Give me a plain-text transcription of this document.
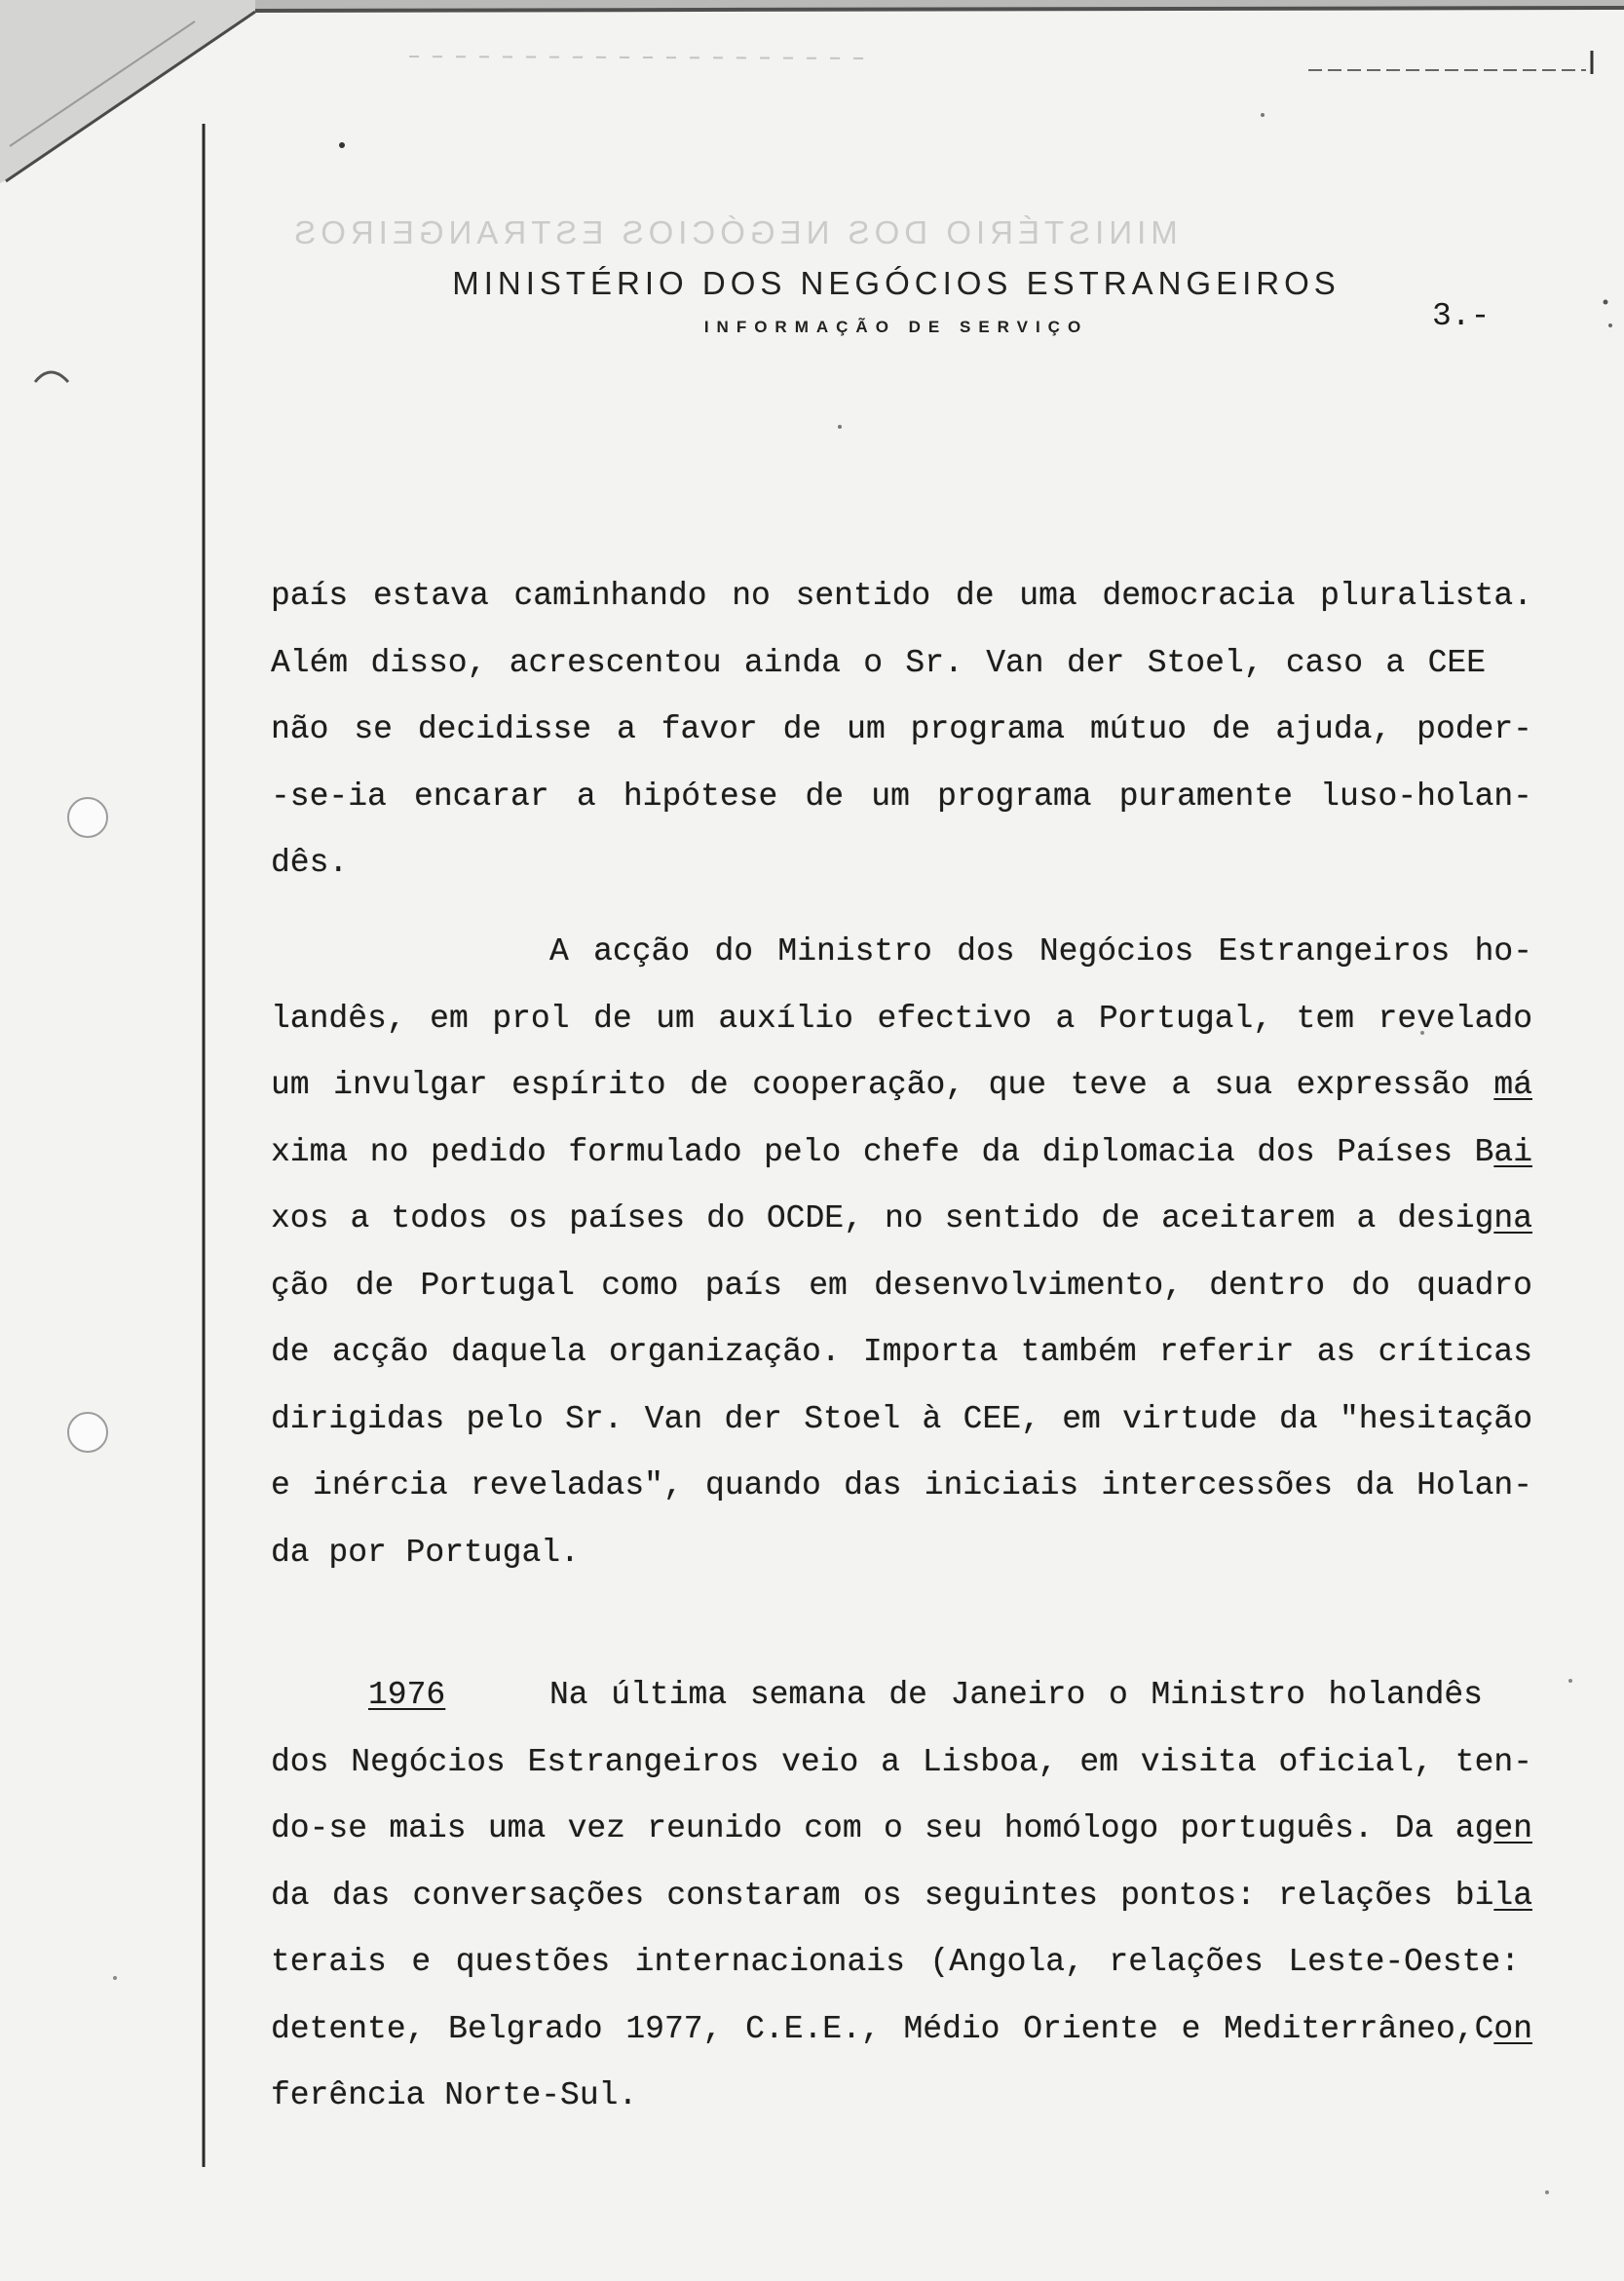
MINISTÉRIO DOS NEGÓCIOS ESTRANGEIROS
MINISTÉRIO DOS NEGÓCIOS ESTRANGEIROS
INFORMAÇÃO DE SERVIÇO	3.-
país estava caminhando no sentido de uma democracia pluralista.
Além disso, acrescentou ainda o Sr. Van der Stoel, caso a CEE
não se decidisse a favor de um programa mútuo de ajuda, poder-
-se-ia encarar a hipótese de um programa puramente luso-holan-
dês.
A acção do Ministro dos Negócios Estrangeiros ho-
landês, em prol de um auxílio efectivo a Portugal, tem revelado
um invulgar espírito de cooperação, que teve a sua expressão má
xima no pedido formulado pelo chefe da diplomacia dos Países Bai
xos a todos os países do OCDE, no sentido de aceitarem a designa
ção de Portugal como país em desenvolvimento, dentro do quadro
de acção daquela organização. Importa também referir as críticas
dirigidas pelo Sr. Van der Stoel à CEE, em virtude da "hesitação
e inércia reveladas", quando das iniciais intercessões da Holan-
da por Portugal.
1976	Na última semana de Janeiro o Ministro holandês
dos Negócios Estrangeiros veio a Lisboa, em visita oficial, ten-
do-se mais uma vez reunido com o seu homólogo português. Da agen
da das conversações constaram os seguintes pontos: relações bila
terais e questões internacionais (Angola, relações Leste-Oeste:
detente, Belgrado 1977, C.E.E., Médio Oriente e Mediterrâneo,Con
ferência Norte-Sul.
